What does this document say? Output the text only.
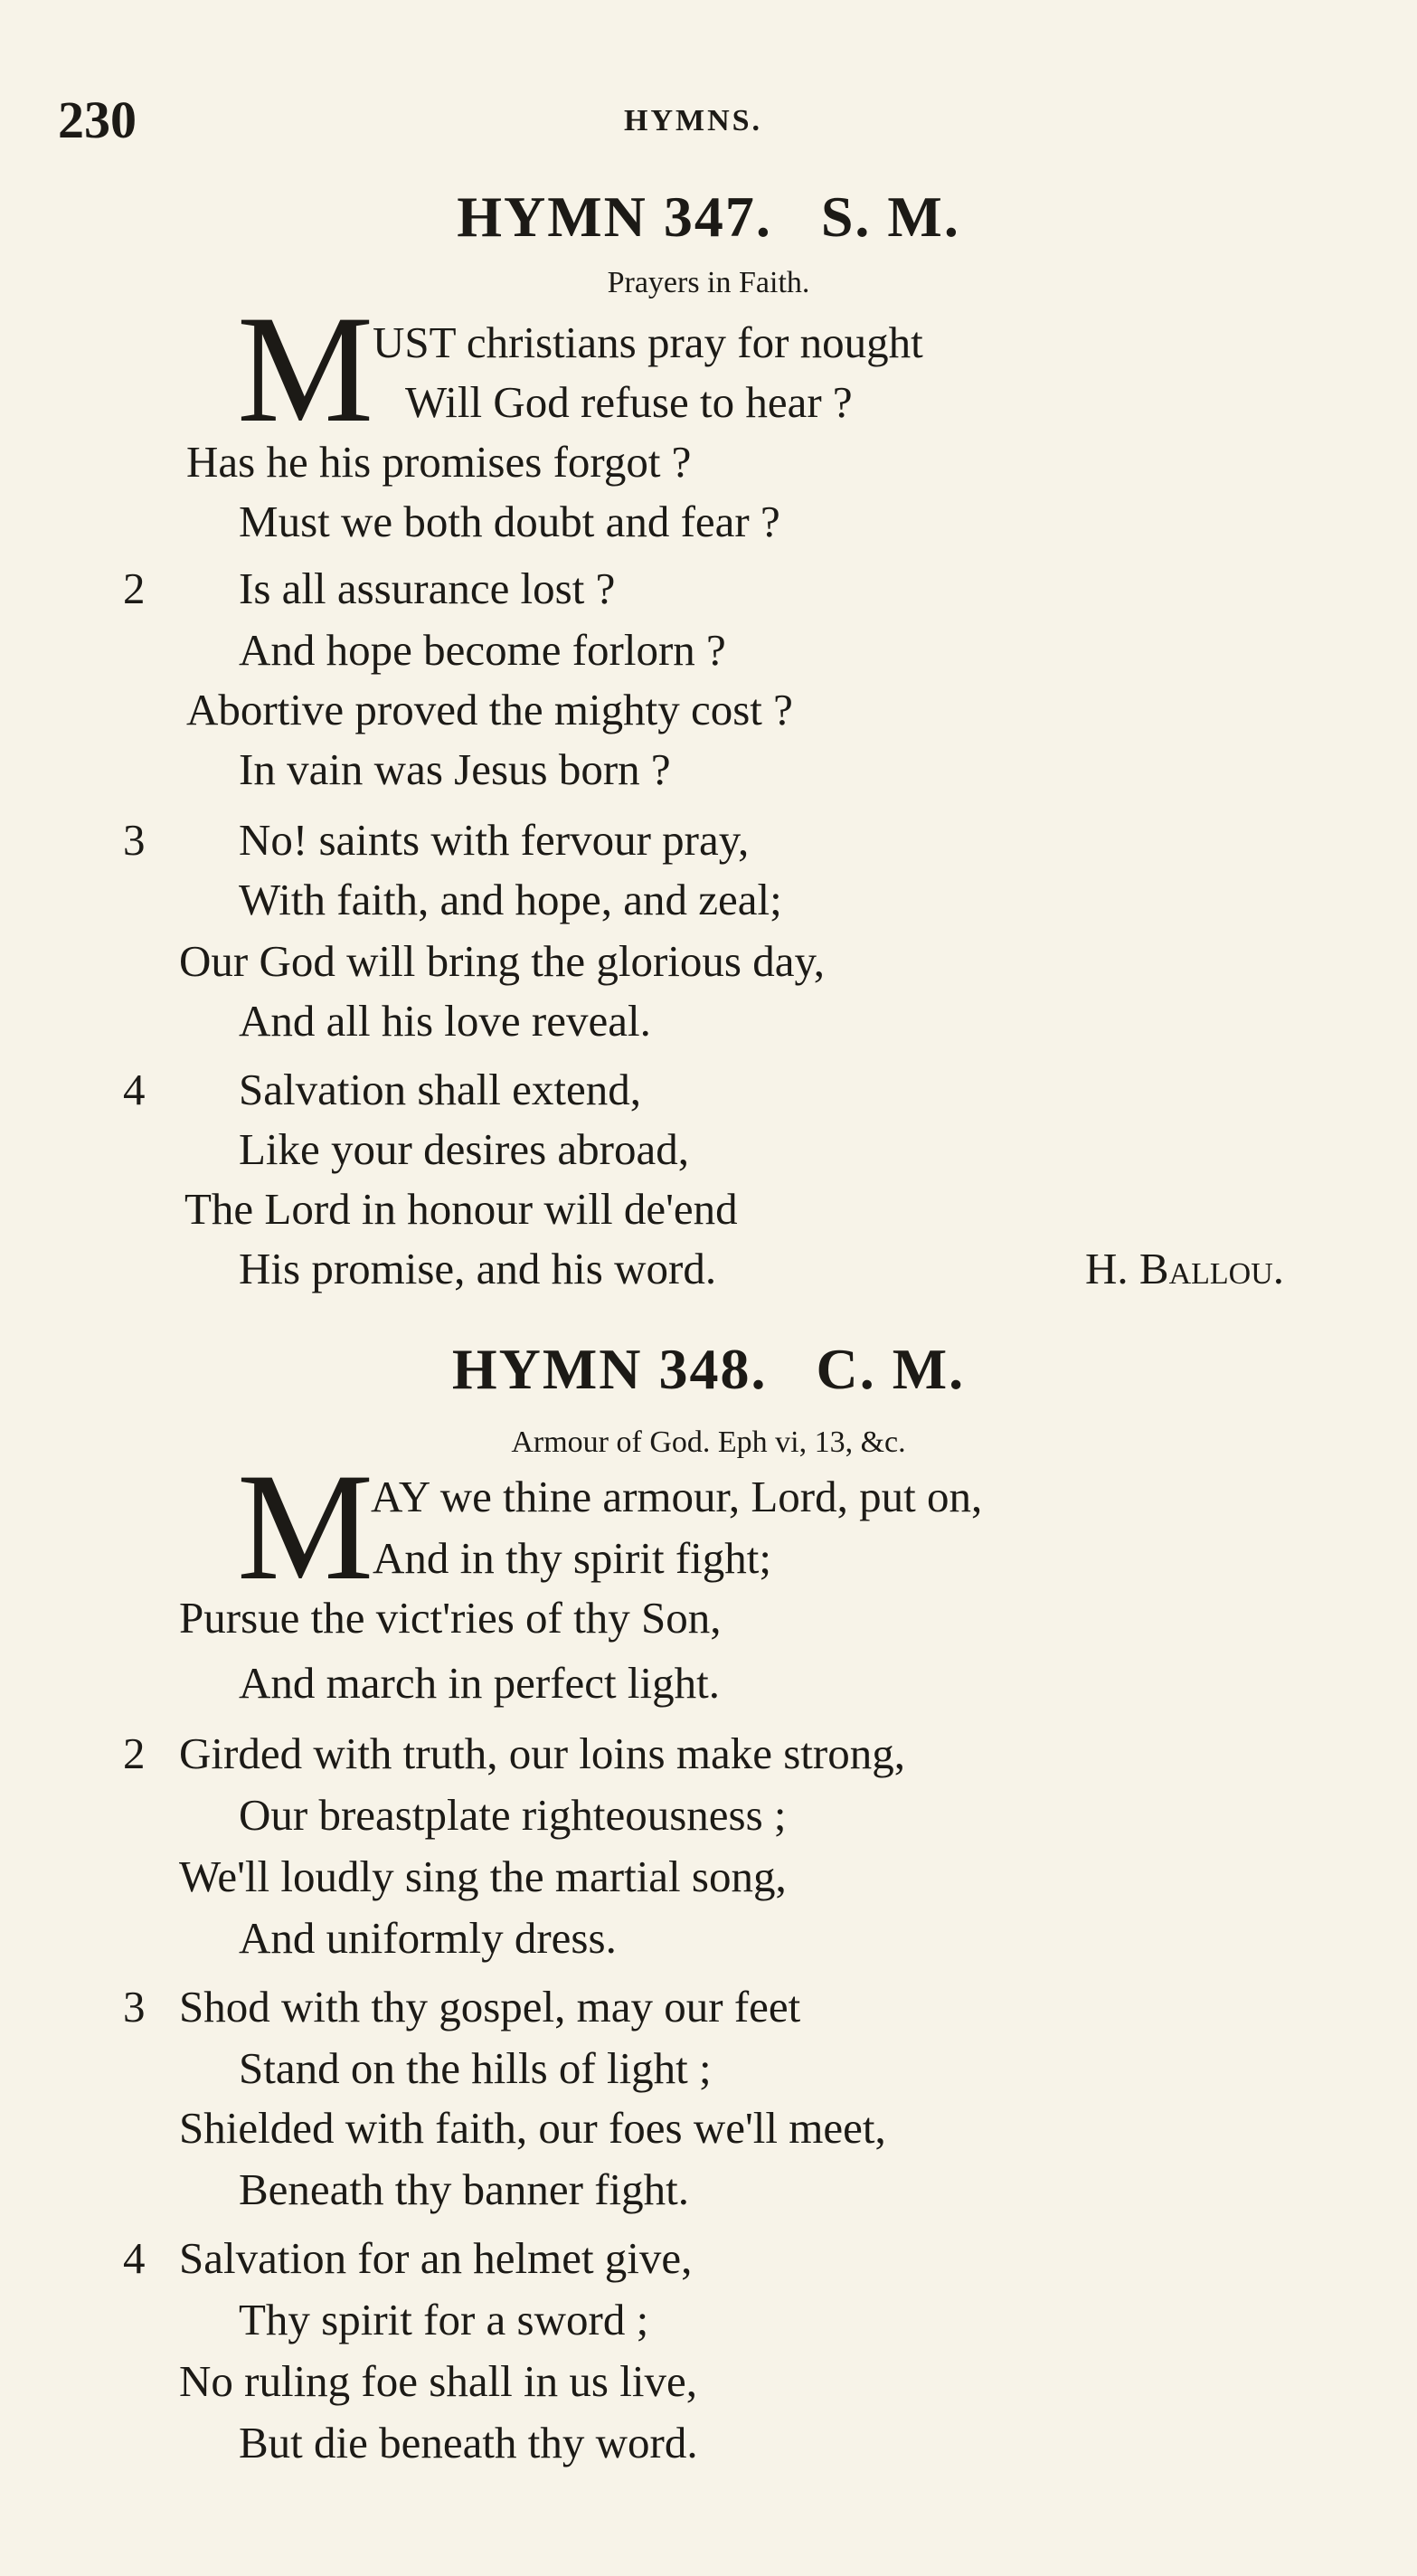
230	HYMNS.
HYMN 347.   S. M.
Prayers in Faith.
M
UST christians pray for nought
Will God refuse to hear ?
Has he his promises forgot ?
Must we both doubt and fear ?
2 Is all assurance lost ?
And hope become forlorn ?
Abortive proved the mighty cost ?
In vain was Jesus born ?
3 No! saints with fervour pray,
With faith, and hope, and zeal;
Our God will bring the glorious day,
And all his love reveal.
4 Salvation shall extend,
Like your desires abroad,
The Lord in honour will de'end
His promise, and his word.	H. Ballou.
HYMN 348.   C. M.
Armour of God. Eph vi, 13, &c.
M
AY we thine armour, Lord, put on,
And in thy spirit fight;
Pursue the vict'ries of thy Son,
And march in perfect light.
2 Girded with truth, our loins make strong,
Our breastplate righteousness ;
We'll loudly sing the martial song,
And uniformly dress.
3 Shod with thy gospel, may our feet
Stand on the hills of light ;
Shielded with faith, our foes we'll meet,
Beneath thy banner fight.
4 Salvation for an helmet give,
Thy spirit for a sword ;
No ruling foe shall in us live,
But die beneath thy word.
